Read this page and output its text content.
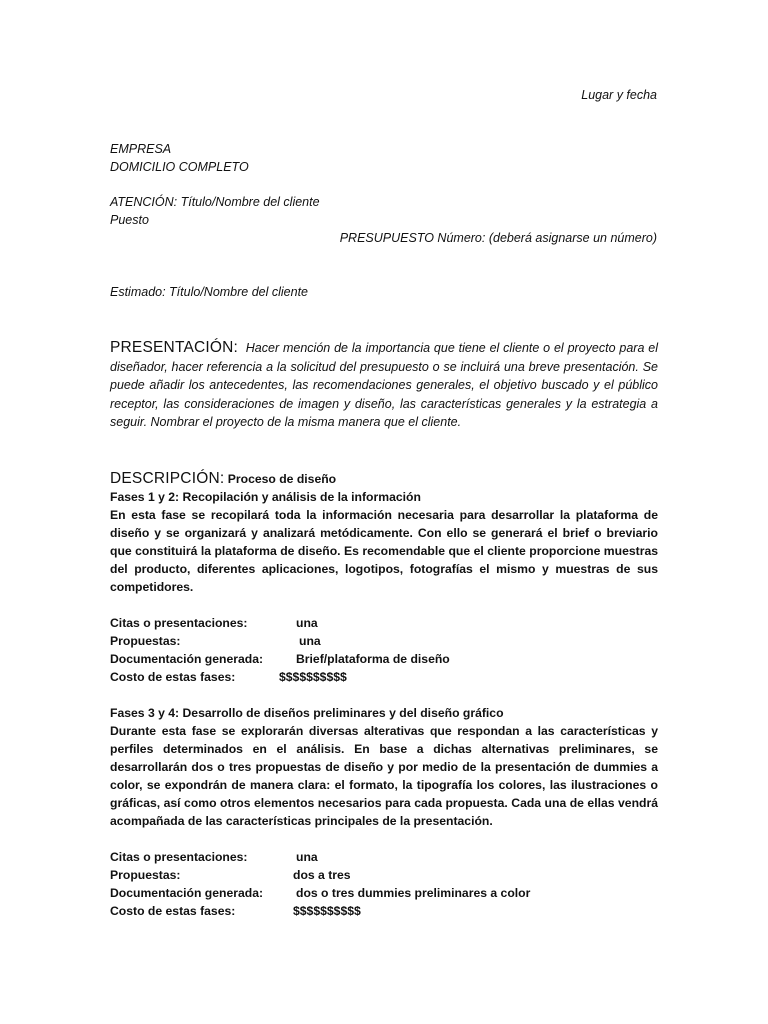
Lugar y fecha
EMPRESA
DOMICILIO COMPLETO
ATENCIÓN: Título/Nombre del cliente
Puesto
PRESUPUESTO Número: (deberá asignarse un número)
Estimado: Título/Nombre del cliente
PRESENTACIÓN: Hacer mención de la importancia que tiene el cliente o el proyecto para el diseñador, hacer referencia a la solicitud del presupuesto o se incluirá una breve presentación. Se puede añadir los antecedentes, las recomendaciones generales, el objetivo buscado y el público receptor, las consideraciones de imagen y diseño, las características generales y la estrategia a seguir. Nombrar el proyecto de la misma manera que el cliente.
DESCRIPCIÓN: Proceso de diseño
Fases 1 y 2: Recopilación y análisis de la información
En esta fase se recopilará toda la información necesaria para desarrollar la plataforma de diseño y se organizará y analizará metódicamente. Con ello se generará el brief o breviario que constituirá la plataforma de diseño. Es recomendable que el cliente proporcione muestras del producto, diferentes aplicaciones, logotipos, fotografías el mismo y muestras de sus competidores.
Citas o presentaciones:	una
Propuestas:	una
Documentación generada:	Brief/plataforma de diseño
Costo de estas fases:	$$$$$$$$$$
Fases 3 y 4: Desarrollo de diseños preliminares y del diseño gráfico
Durante esta fase se explorarán diversas alterativas que respondan a las características y perfiles determinados en el análisis. En base a dichas alternativas preliminares, se desarrollarán dos o tres propuestas de diseño y por medio de la presentación de dummies a color, se expondrán de manera clara: el formato, la tipografía los colores, las ilustraciones o gráficas, así como otros elementos necesarios para cada propuesta. Cada una de ellas vendrá acompañada de las características principales de la presentación.
Citas o presentaciones:	una
Propuestas:	dos a tres
Documentación generada:	dos o tres dummies preliminares a color
Costo de estas fases:	$$$$$$$$$$
